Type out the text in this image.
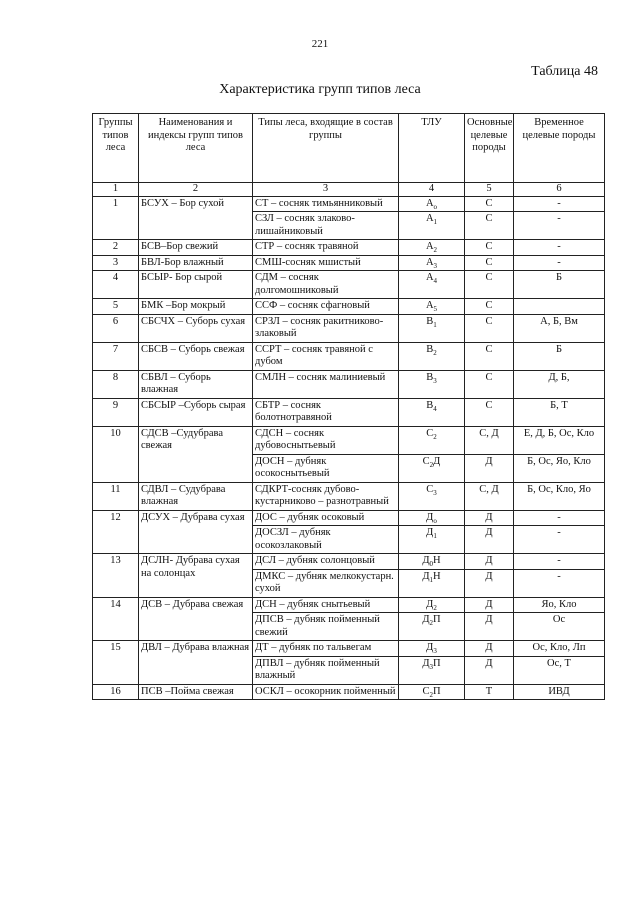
221
Таблица 48
Характеристика групп типов леса
Группы типов леса	Наименования и индексы групп типов леса	Типы леса, входящие в состав группы	ТЛУ	Основные целевые породы	Временное целевые породы
1	2	3	4	5	6
1	БСУХ – Бор сухой	СТ – сосняк тимьянниковый	$А_о$	С	-
		СЗЛ – сосняк злаково-лишайниковый	$А_1$	С	-
2	БСВ–Бор свежий	СТР – сосняк травяной	$А_2$	С	-
3	БВЛ-Бор влажный	СМШ-сосняк мшистый	$А_3$	С	-
4	БСЫР- Бор сырой	СДМ – сосняк долгомошниковый	$А_4$	С	Б
5	БМК –Бор мокрый	ССФ – сосняк сфагновый	$А_5$	С	
6	СБСЧХ – Суборь сухая	СРЗЛ – сосняк ракитниково-злаковый	$В_1$	С	А, Б, Вм
7	СБСВ – Суборь свежая	ССРТ – сосняк травяной с дубом	$В_2$	С	Б
8	СБВЛ – Суборь влажная	СМЛН – сосняк малиниевый	$В_3$	С	Д, Б,
9	СБСЫР –Суборь сырая	СБТР – сосняк болотнотравяной	$В_4$	С	Б, Т
10	СДСВ –Судубрава свежая	СДСН – сосняк дубовоснытьевый	$С_2$	С, Д	Е, Д, Б, Ос, Кло
		ДОСН – дубняк осокоснытьевый	$С_2Д$	Д	Б, Ос, Яо, Кло
11	СДВЛ – Судубрава влажная	СДКРТ-сосняк дубово-кустарниково – разнотравный	$С_3$	С, Д	Б, Ос, Кло, Яо
12	ДСУХ – Дубрава сухая	ДОС – дубняк осоковый	$Д_о$	Д	-
		ДОСЗЛ – дубняк осокозлаковый	$Д_1$	Д	-
13	ДСЛН- Дубрава сухая на солонцах	ДСЛ – дубняк солонцовый	$Д_0Н$	Д	-
		ДМКС – дубняк мелкокустарн. сухой	$Д_1Н$	Д	-
14	ДСВ – Дубрава свежая	ДСН – дубняк снытьевый	$Д_2$	Д	Яо, Кло
		ДПСВ – дубняк пойменный свежий	$Д_2П$	Д	Ос
15	ДВЛ – Дубрава влажная	ДТ – дубняк по тальвегам	$Д_3$	Д	Ос, Кло, Лп
		ДПВЛ – дубняк пойменный влажный	$Д_3П$	Д	Ос, Т
16	ПСВ –Пойма свежая	ОСКЛ – осокорник пойменный	$С_2П$	Т	ИВД
